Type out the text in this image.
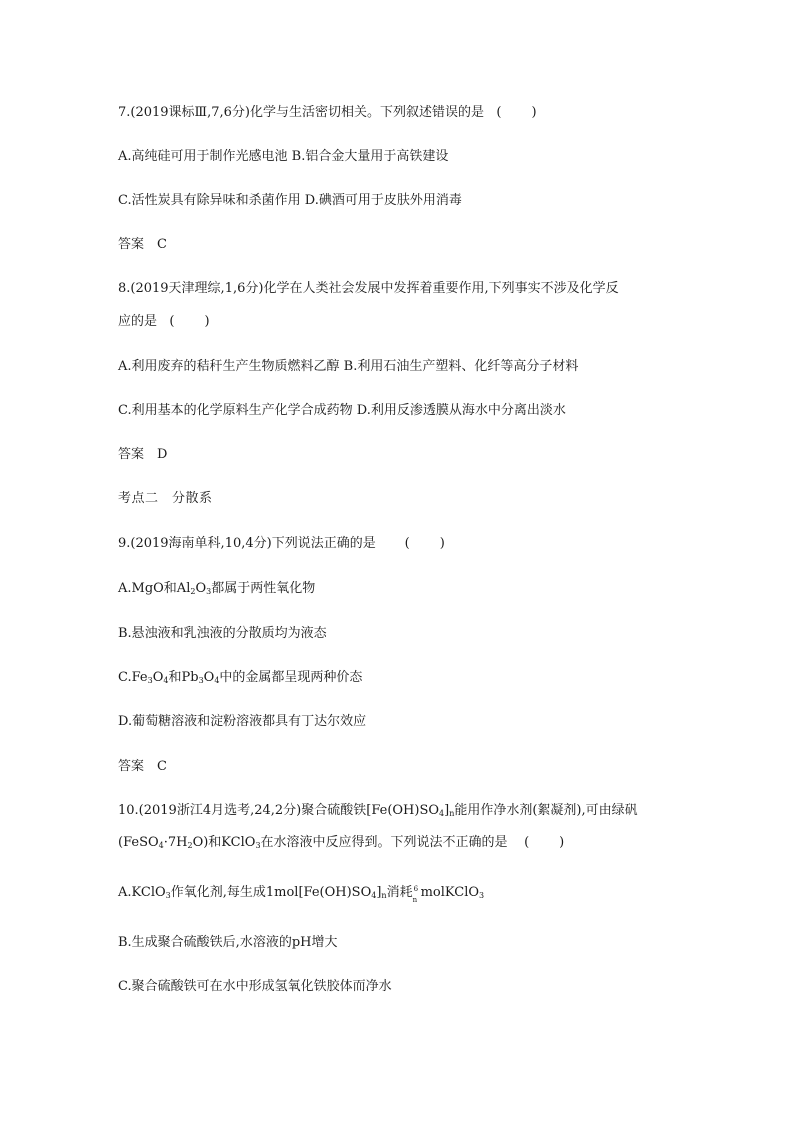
7.(2019课标Ⅲ,7,6分)化学与生活密切相关。下列叙述错误的是 ( )
A.高纯硅可用于制作光感电池 B.铝合金大量用于高铁建设
C.活性炭具有除异味和杀菌作用 D.碘酒可用于皮肤外用消毒
答案　C
8.(2019天津理综,1,6分)化学在人类社会发展中发挥着重要作用,下列事实不涉及化学反
应的是 ( )
A.利用废弃的秸秆生产生物质燃料乙醇 B.利用石油生产塑料、化纤等高分子材料
C.利用基本的化学原料生产化学合成药物 D.利用反渗透膜从海水中分离出淡水
答案　D
考点二　分散系
9.(2019海南单科,10,4分)下列说法正确的是 ( )
A.MgO和$Al_2O_3$都属于两性氧化物
B.悬浊液和乳浊液的分散质均为液态
$C.Fe_3O_4$和$Pb_3O_4$中的金属都呈现两种价态
D.葡萄糖溶液和淀粉溶液都具有丁达尔效应
答案　C
10.(2019浙江4月选考,24,2分)聚合硫酸铁$[Fe(OH)SO_4]_n$能用作净水剂(絮凝剂),可由绿矾
$(FeSO_4\cdot 7H_2O)$和KClO$_3$在水溶液中反应得到。下列说法不正确的是 ( )
A.KClO$_3$作氧化剂,每生成$1mol[Fe(OH)SO_4]_n$消耗 6
n molKClO$_3$
B.生成聚合硫酸铁后,水溶液的pH增大
C.聚合硫酸铁可在水中形成氢氧化铁胶体而净水
